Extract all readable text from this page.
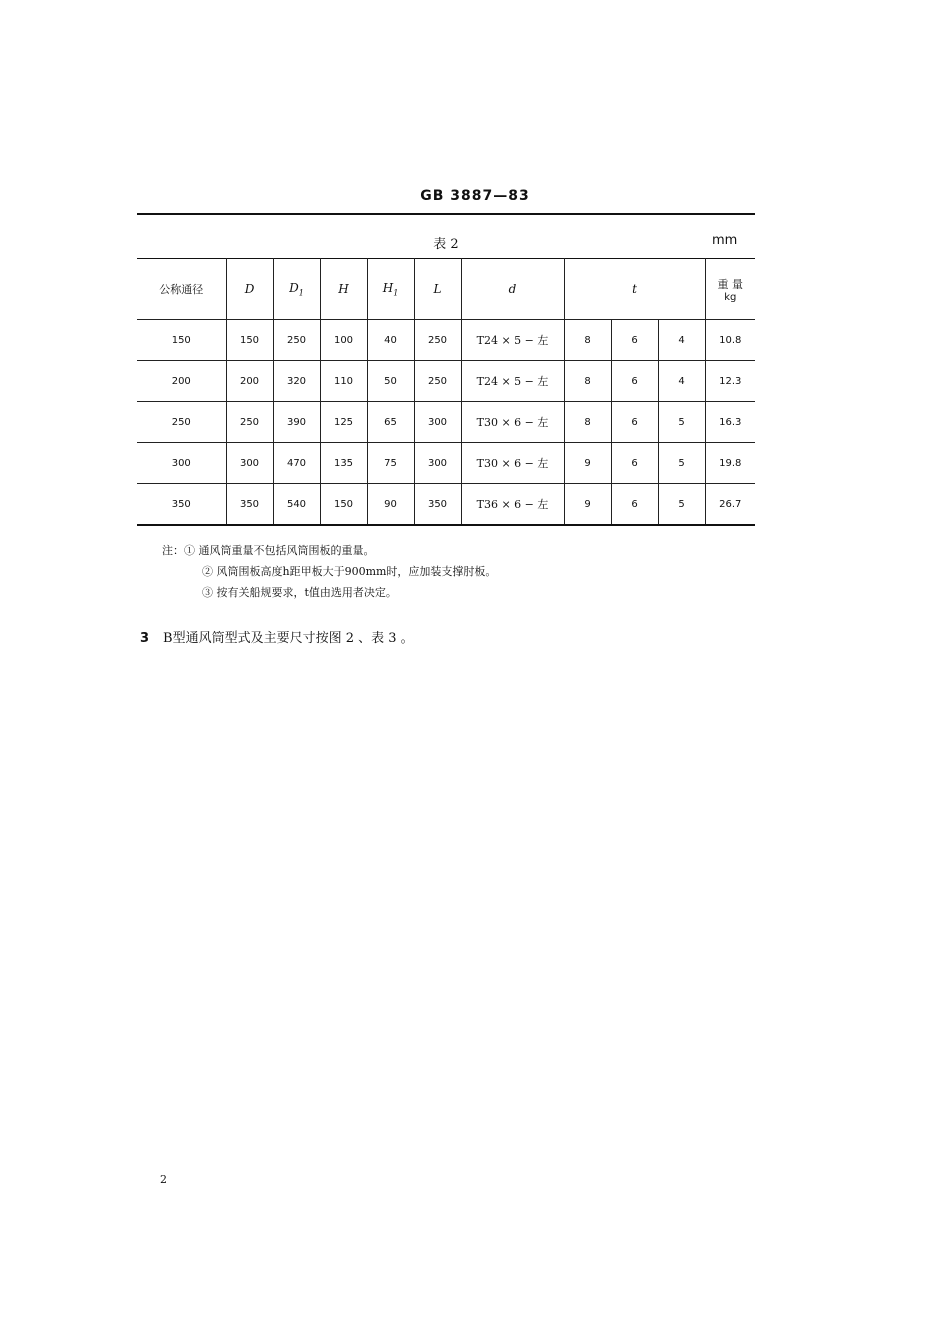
GB 3887—83
表 2	mm
公称通径	D	$D_1$	H	$H_1$	L	d	t			重 量
kg

150	150	250	100	40	250	T24 × 5 − 左	8	6	4	10.8
200	200	320	110	50	250	T24 × 5 − 左	8	6	4	12.3
250	250	390	125	65	300	T30 × 6 − 左	8	6	5	16.3
300	300	470	135	75	300	T30 × 6 − 左	9	6	5	19.8
350	350	540	150	90	350	T36 × 6 − 左	9	6	5	26.7
注：① 通风筒重量不包括风筒围板的重量。
② 风筒围板高度h距甲板大于900mm时，应加装支撑肘板。
③ 按有关船规要求，t值由选用者决定。
3 B型通风筒型式及主要尺寸按图 2 、表 3 。
2
